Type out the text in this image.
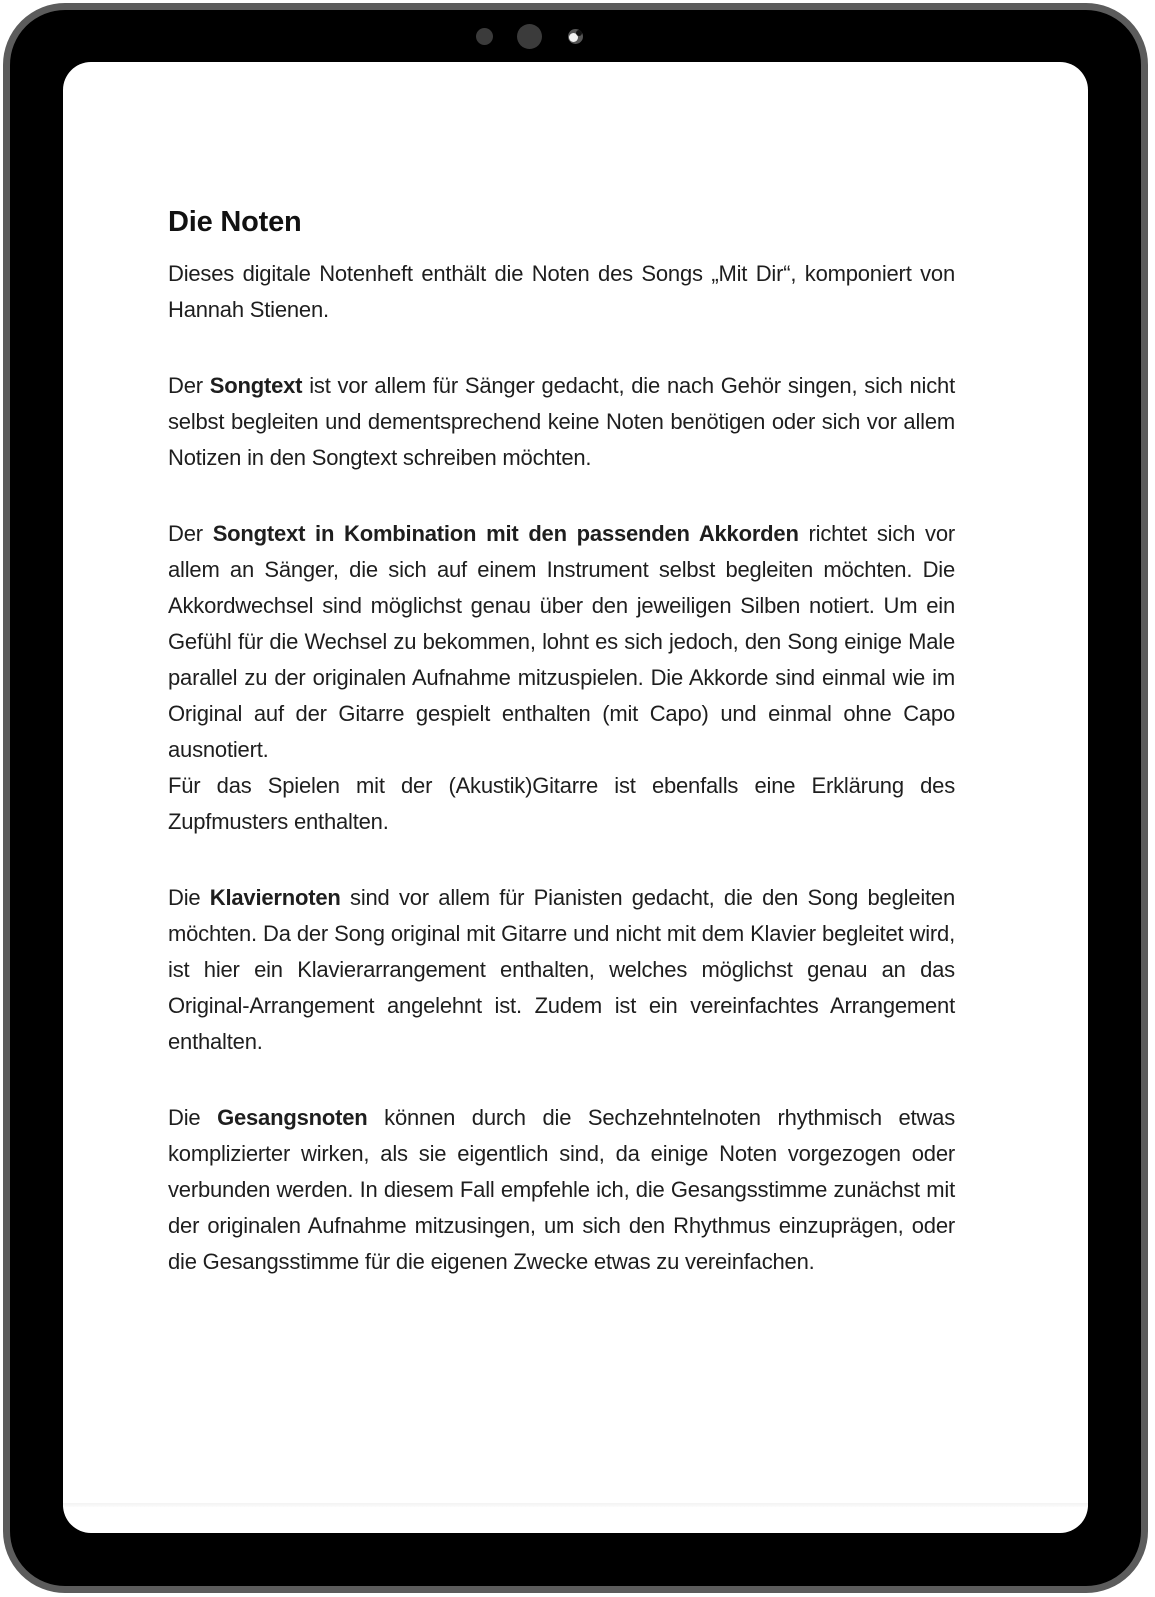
Die Noten

Dieses digitale Notenheft enthält die Noten des Songs „Mit Dir“, komponiert von Hannah Stienen.

Der Songtext ist vor allem für Sänger gedacht, die nach Gehör singen, sich nicht selbst begleiten und dementsprechend keine Noten benötigen oder sich vor allem Notizen in den Songtext schreiben möchten.

Der Songtext in Kombination mit den passenden Akkorden richtet sich vor allem an Sänger, die sich auf einem Instrument selbst begleiten möchten. Die Akkordwechsel sind möglichst genau über den jeweiligen Silben notiert. Um ein Gefühl für die Wechsel zu bekommen, lohnt es sich jedoch, den Song einige Male parallel zu der originalen Aufnahme mitzuspielen. Die Akkorde sind einmal wie im Original auf der Gitarre gespielt enthalten (mit Capo) und einmal ohne Capo ausnotiert.
Für das Spielen mit der (Akustik)Gitarre ist ebenfalls eine Erklärung des Zupfmusters enthalten.

Die Klaviernoten sind vor allem für Pianisten gedacht, die den Song begleiten möchten. Da der Song original mit Gitarre und nicht mit dem Klavier begleitet wird, ist hier ein Klavierarrangement enthalten, welches möglichst genau an das Original-Arrangement angelehnt ist. Zudem ist ein vereinfachtes Arrangement enthalten.

Die Gesangsnoten können durch die Sechzehntelnoten rhythmisch etwas komplizierter wirken, als sie eigentlich sind, da einige Noten vorgezogen oder verbunden werden. In diesem Fall empfehle ich, die Gesangsstimme zunächst mit der originalen Aufnahme mitzusingen, um sich den Rhythmus einzuprägen, oder die Gesangsstimme für die eigenen Zwecke etwas zu vereinfachen.
